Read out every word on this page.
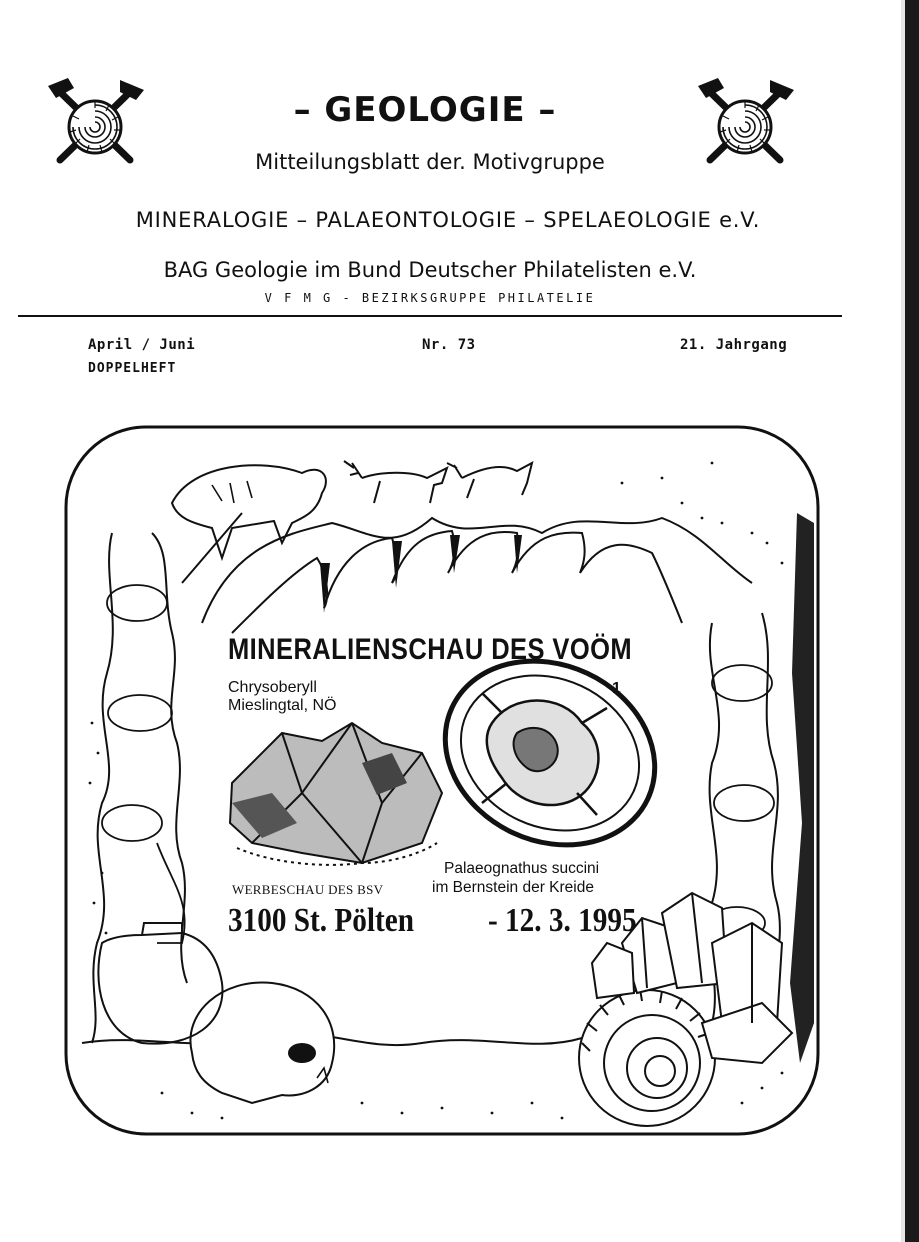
– GEOLOGIE –
Mitteilungsblatt der. Motivgruppe
MINERALOGIE – PALAEONTOLOGIE – SPELAEOLOGIE e.V.
BAG Geologie im Bund Deutscher Philatelisten e.V.
V F M G - BEZIRKSGRUPPE PHILATELIE
April / Juni
DOPPELHEFT
Nr. 73	21. Jahrgang
MINERALIENSCHAU DES VOÖM
Chrysoberyll
Mieslingtal, NÖ
1
Palaeognathus succini
im Bernstein der Kreide
WERBESCHAU DES BSV
3100 St. Pölten - 12. 3. 1995
